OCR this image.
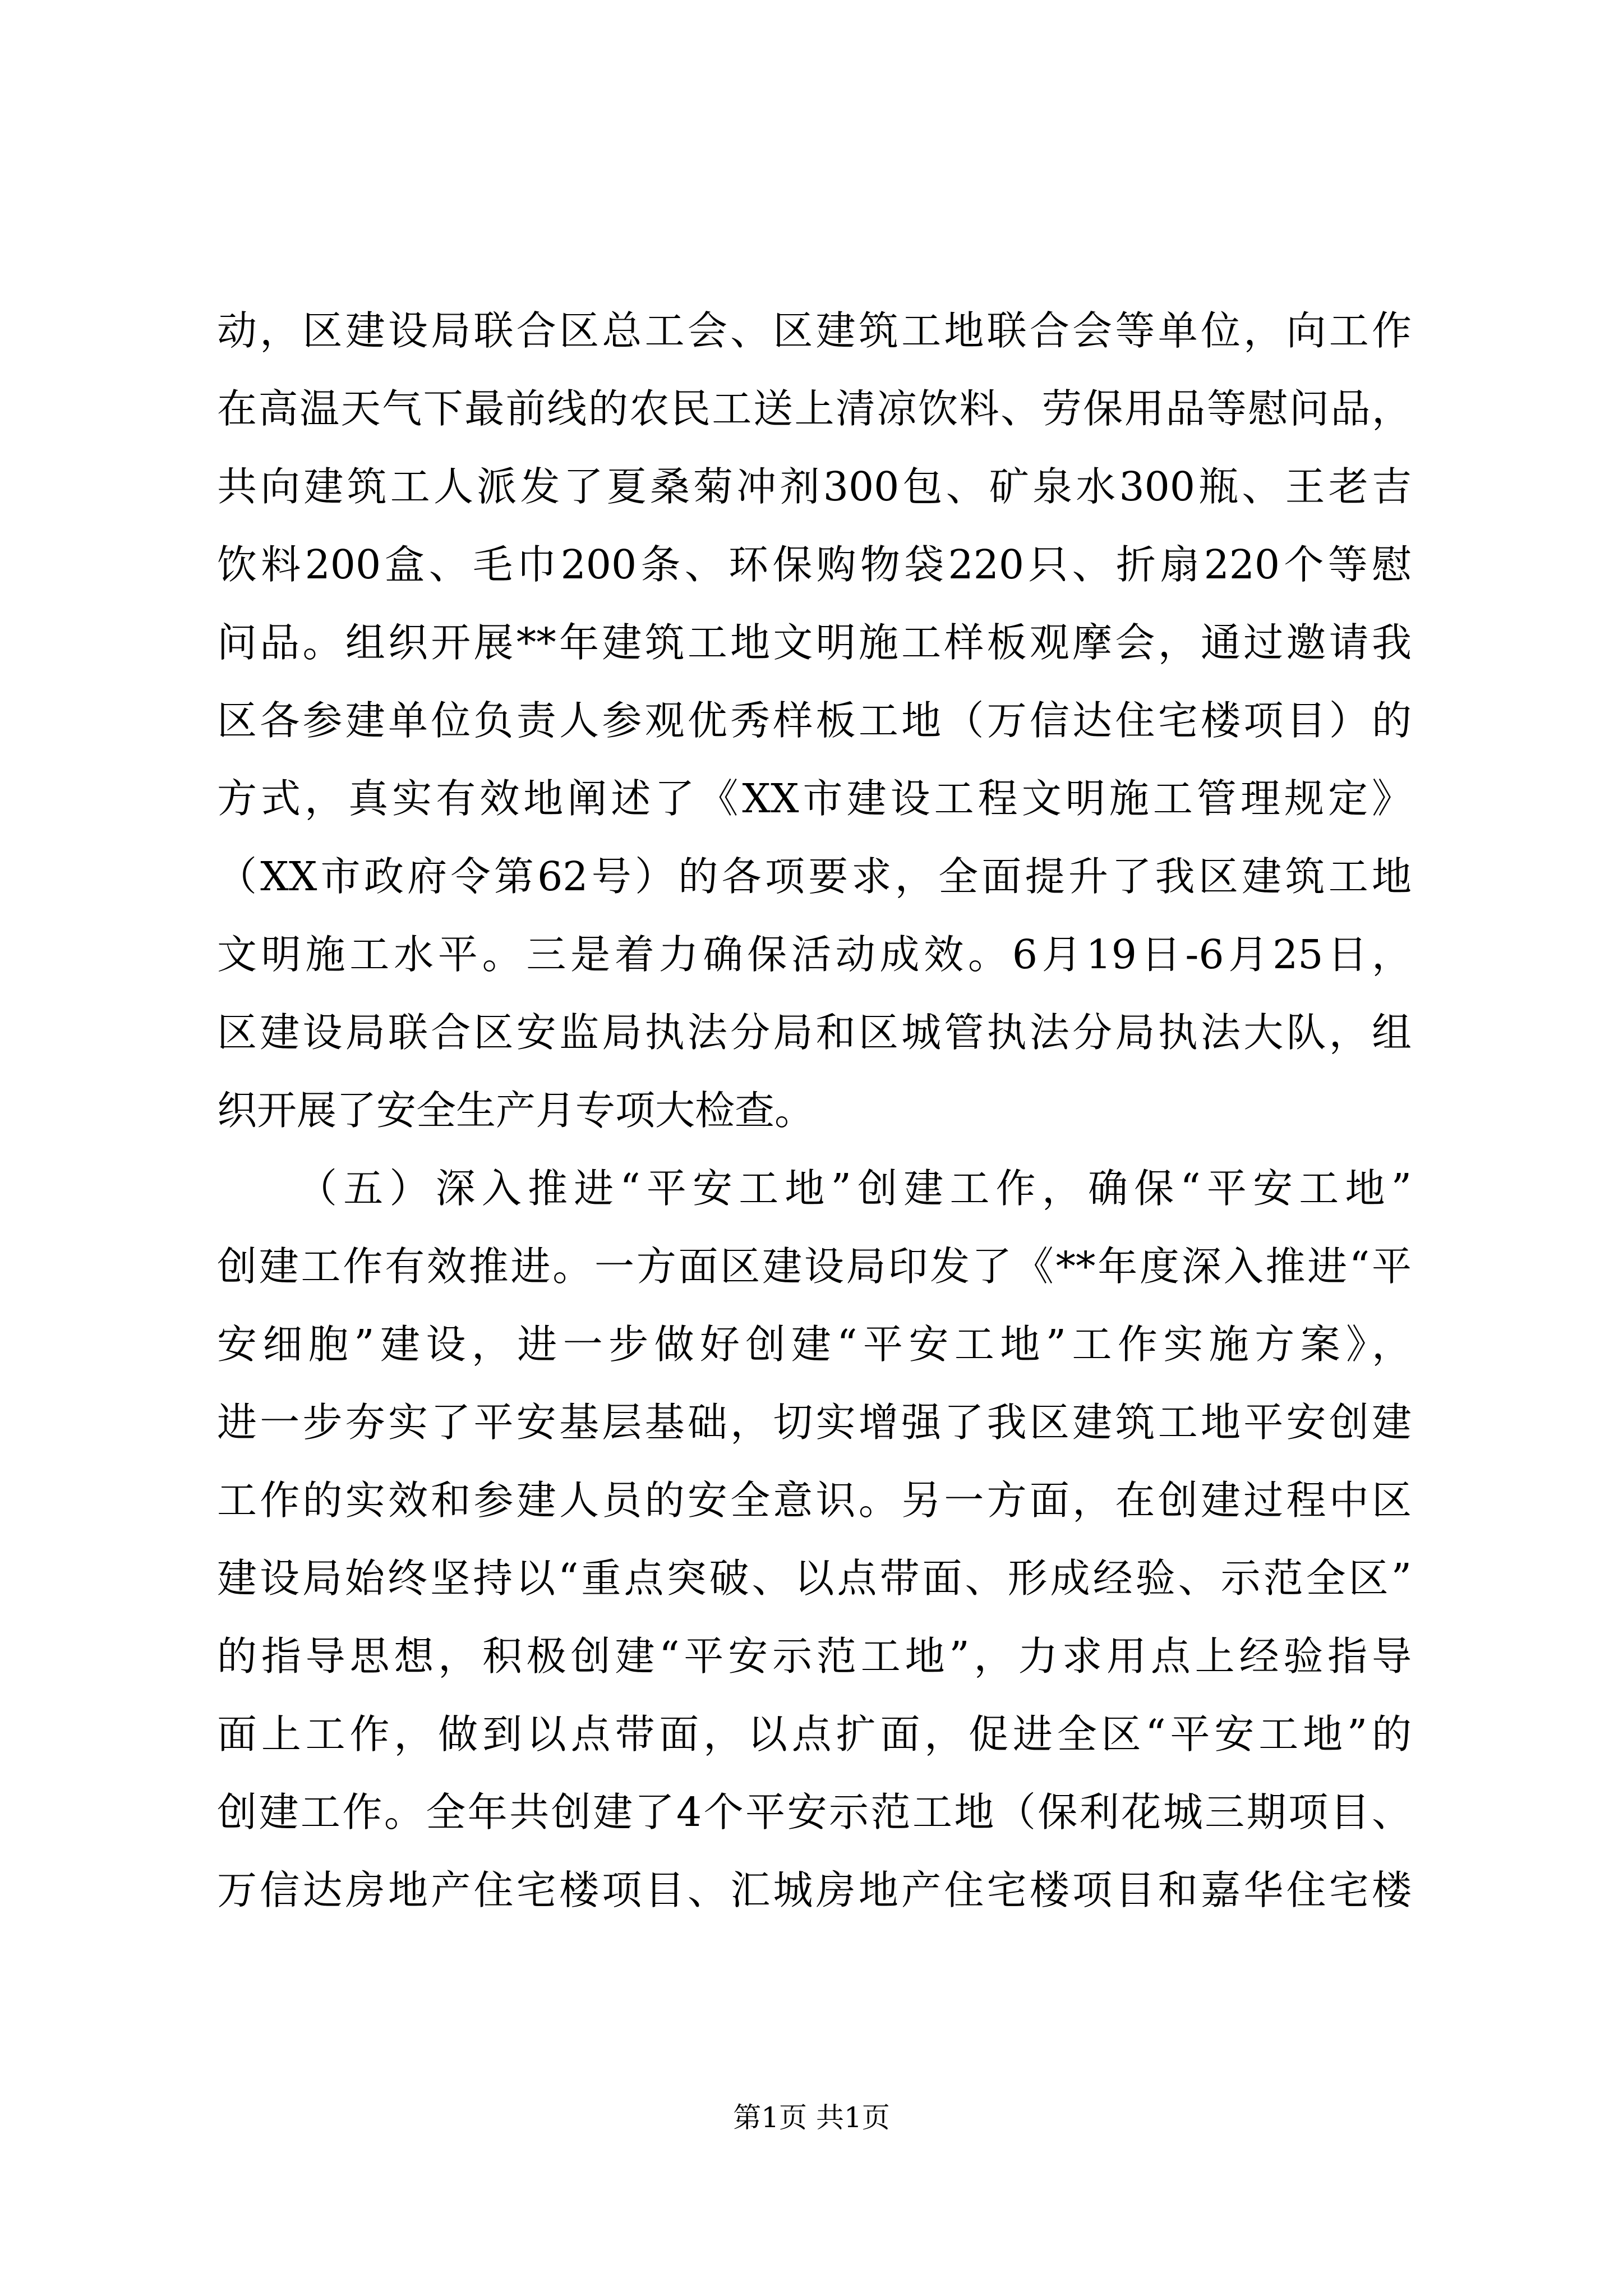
动，区建设局联合区总工会、区建筑工地联合会等单位，向工作
在高温天气下最前线的农民工送上清凉饮料、劳保用品等慰问品，
共向建筑工人派发了夏桑菊冲剂300包、矿泉水300瓶、王老吉
饮料200盒、毛巾200条、环保购物袋220只、折扇220个等慰
问品。组织开展**年建筑工地文明施工样板观摩会，通过邀请我
区各参建单位负责人参观优秀样板工地（万信达住宅楼项目）的
方式，真实有效地阐述了《XX市建设工程文明施工管理规定》
（XX市政府令第62号）的各项要求，全面提升了我区建筑工地
文明施工水平。三是着力确保活动成效。6月19日-6月25日，
区建设局联合区安监局执法分局和区城管执法分局执法大队，组
织开展了安全生产月专项大检查。
（五）深入推进“平安工地”创建工作，确保“平安工地”
创建工作有效推进。一方面区建设局印发了《**年度深入推进“平
安细胞”建设，进一步做好创建“平安工地”工作实施方案》，
进一步夯实了平安基层基础，切实增强了我区建筑工地平安创建
工作的实效和参建人员的安全意识。另一方面，在创建过程中区
建设局始终坚持以“重点突破、以点带面、形成经验、示范全区”
的指导思想，积极创建“平安示范工地”，力求用点上经验指导
面上工作，做到以点带面，以点扩面，促进全区“平安工地”的
创建工作。全年共创建了4个平安示范工地（保利花城三期项目、
万信达房地产住宅楼项目、汇城房地产住宅楼项目和嘉华住宅楼
第1页 共1页
